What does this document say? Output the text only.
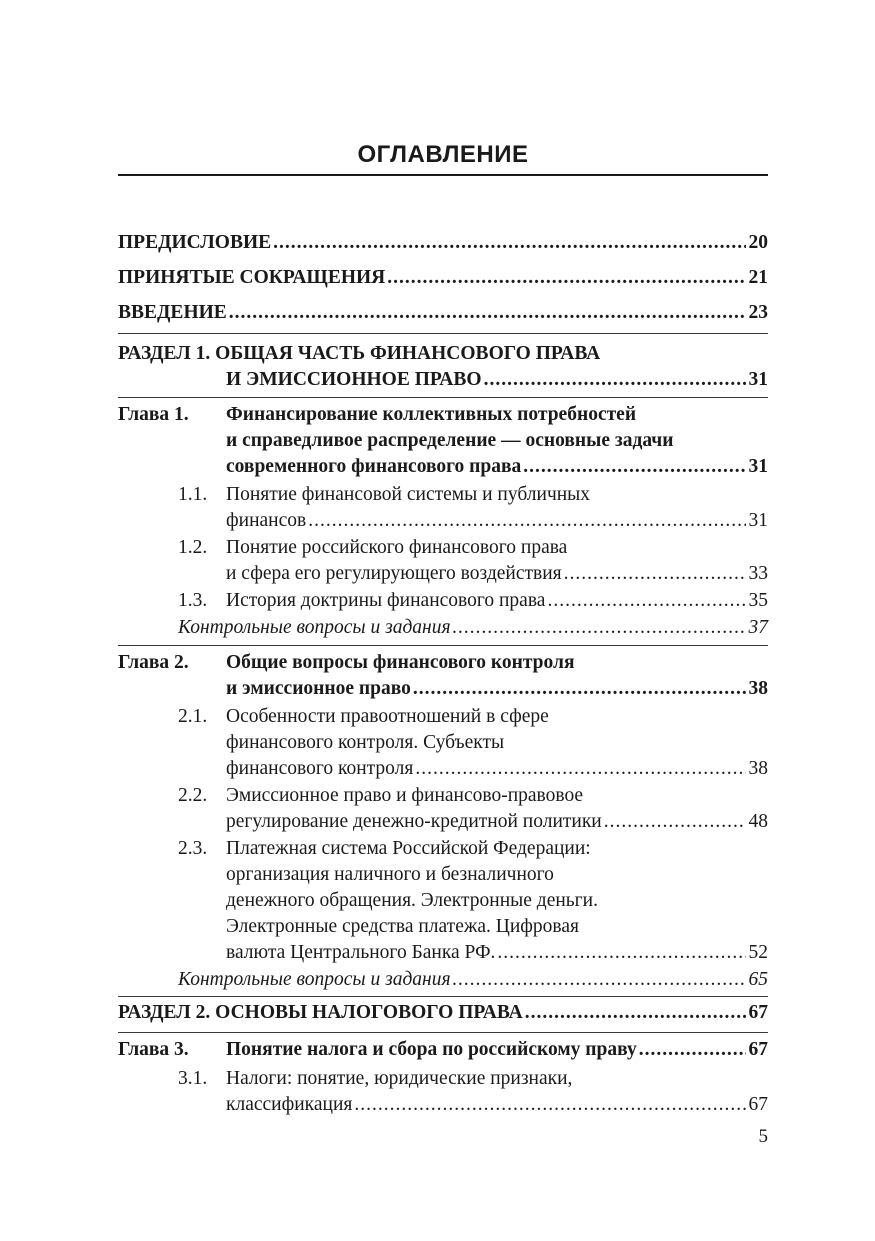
ОГЛАВЛЕНИЕ
ПРЕДИСЛОВИЕ .....	20
ПРИНЯТЫЕ СОКРАЩЕНИЯ .....	21
ВВЕДЕНИЕ .....	23
РАЗДЕЛ 1. ОБЩАЯ ЧАСТЬ ФИНАНСОВОГО ПРАВА
И ЭМИССИОННОЕ ПРАВО .....	31
Глава 1. Финансирование коллективных потребностей
и справедливое распределение — основные задачи
современного финансового права .....	31
1.1. Понятие финансовой системы и публичных
финансов .....	31
1.2. Понятие российского финансового права
и сфера его регулирующего воздействия .....	33
1.3. История доктрины финансового права .....	35
Контрольные вопросы и задания .....	37
Глава 2. Общие вопросы финансового контроля
и эмиссионное право .....	38
2.1. Особенности правоотношений в сфере
финансового контроля. Субъекты
финансового контроля .....	38
2.2. Эмиссионное право и финансово-правовое
регулирование денежно-кредитной политики .....	48
2.3. Платежная система Российской Федерации:
организация наличного и безналичного
денежного обращения. Электронные деньги.
Электронные средства платежа. Цифровая
валюта Центрального Банка РФ. .....	52
Контрольные вопросы и задания .....	65
РАЗДЕЛ 2. ОСНОВЫ НАЛОГОВОГО ПРАВА .....	67
Глава 3. Понятие налога и сбора по российскому праву .....	67
3.1. Налоги: понятие, юридические признаки,
классификация .....	67
5
